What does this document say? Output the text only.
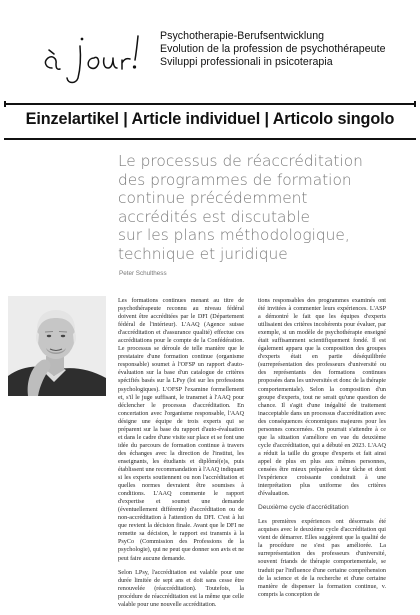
Psychotherapie-Berufsentwicklung
Evolution de la profession de psychothérapeute
Sviluppi professionali in psicoterapia
Einzelartikel | Article individuel | Articolo singolo
Le processus de réaccréditation
des programmes de formation
continue précédemment
accrédités est discutable
sur les plans méthodologique,
technique et juridique
Peter Schulthess

Les formations continues menant au titre de psychothérapeute reconnu au niveau fédéral doivent être accréditées par le DFI (Département fédéral de l'intérieur). L'AAQ (Agence suisse d'accréditation et d'assurance qualité) effectue ces accréditations pour le compte de la Confédération. Le processus se déroule de telle manière que le prestataire d'une formation continue (organisme responsable) soumet à l'OFSP un rapport d'auto-évaluation sur la base d'un catalogue de critères spécifiés basés sur la LPsy (loi sur les professions psychologiques). L'OFSP l'examine formellement et, s'il le juge suffisant, le transmet à l'AAQ pour déclencher le processus d'accréditation. En concertation avec l'organisme responsable, l'AAQ désigne une équipe de trois experts qui se préparent sur la base du rapport d'auto-évaluation et dans le cadre d'une visite sur place et se font une idée du parcours de formation continue à travers des échanges avec la direction de l'institut, les enseignants, les étudiants et diplômé(e)s, puis établissent une recommandation à l'AAQ indiquant si les experts soutiennent ou non l'accréditation et quelles normes devraient être soumises à conditions. L'AAQ commente le rapport d'expertise et soumet une demande (éventuellement différente) d'accréditation ou de non-accréditation à l'attention du DFI. C'est à lui que revient la décision finale. Avant que le DFI ne remette sa décision, le rapport est transmis à la PsyCo (Commission des Professions de la psychologie), qui ne peut que donner son avis et ne peut faire aucune demande.

Selon LPsy, l'accréditation est valable pour une durée limitée de sept ans et doit sans cesse être renouvelée (réaccréditation). Toutefois, la procédure de réaccréditation est la même que celle valable pour une nouvelle accréditation.

tions responsables des programmes examinés ont été invitées à commenter leurs expériences. L'ASP a démontré le fait que les équipes d'experts utilisaient des critères incohérents pour évaluer, par exemple, si un modèle de psychothérapie enseigné était suffisamment scientifiquement fondé. Il est également apparu que la composition des groupes d'experts était en partie déséquilibrée (surreprésentation des professeurs d'université ou des représentants des formations continues proposées dans les universités et donc de la thérapie comportementale). Selon la composition d'un groupe d'experts, tout ne serait qu'une question de chance. Il s'agit d'une inégalité de traitement inacceptable dans un processus d'accréditation avec des conséquences économiques majeures pour les personnes concernées. On pourrait s'attendre à ce que la situation s'améliore en vue du deuxième cycle d'accréditation, qui a débuté en 2023. L'AAQ a réduit la taille du groupe d'experts et fait ainsi appel de plus en plus aux mêmes personnes, censées être mieux préparées à leur tâche et dont l'expérience croissante conduirait à une interprétation plus uniforme des critères d'évaluation.

Deuxième cycle d'accréditation

Les premières expériences ont désormais été acquises avec le deuxième cycle d'accréditation qui vient de démarrer. Elles suggèrent que la qualité de la procédure ne s'est pas améliorée. La surreprésentation des professeurs d'université, souvent friands de thérapie comportementale, se traduit par l'influence d'une certaine compréhension de la science et de la recherche et d'une certaine manière de dispenser la formation continue, v. compris la conception de
